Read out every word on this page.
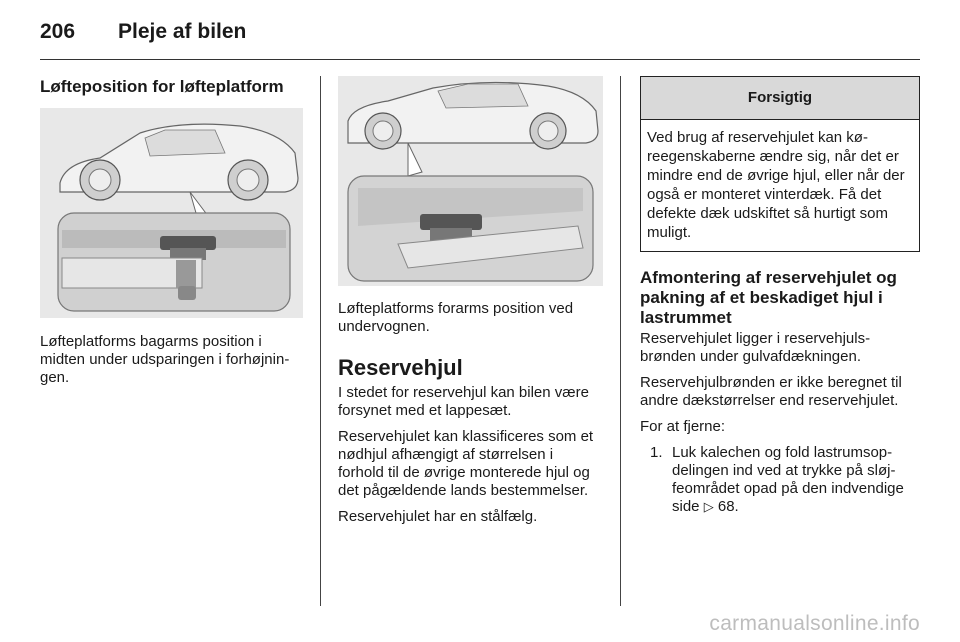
206 Pleje af bilen
Løfteposition for løfteplatform

Løfteplatforms bagarms position i midten under udsparingen i forhøjningen.

Løfteplatforms forarms position ved undervognen.

Reservehjul

I stedet for reservehjul kan bilen være forsynet med et lappesæt.

Reservehjulet kan klassificeres som et nødhjul afhængigt af størrelsen i forhold til de øvrige monterede hjul og det pågældende lands bestemmelser.

Reservehjulet har en stålfælg.

Forsigtig
Ved brug af reservehjulet kan køreegenskaberne ændre sig, når det er mindre end de øvrige hjul, eller når der også er monteret vinterdæk. Få det defekte dæk udskiftet så hurtigt som muligt.
Afmontering af reservehjulet og pakning af et beskadiget hjul i lastrummet

Reservehjulet ligger i reservehjulsbrønden under gulvafdækningen.

Reservehjulbrønden er ikke beregnet til andre dækstørrelser end reservehjulet.

For at fjerne:

1. Luk kalechen og fold lastrumsopdelingen ind ved at trykke på sløjfeområdet opad på den indvendige side ▷ 68.
carmanualsonline.info
